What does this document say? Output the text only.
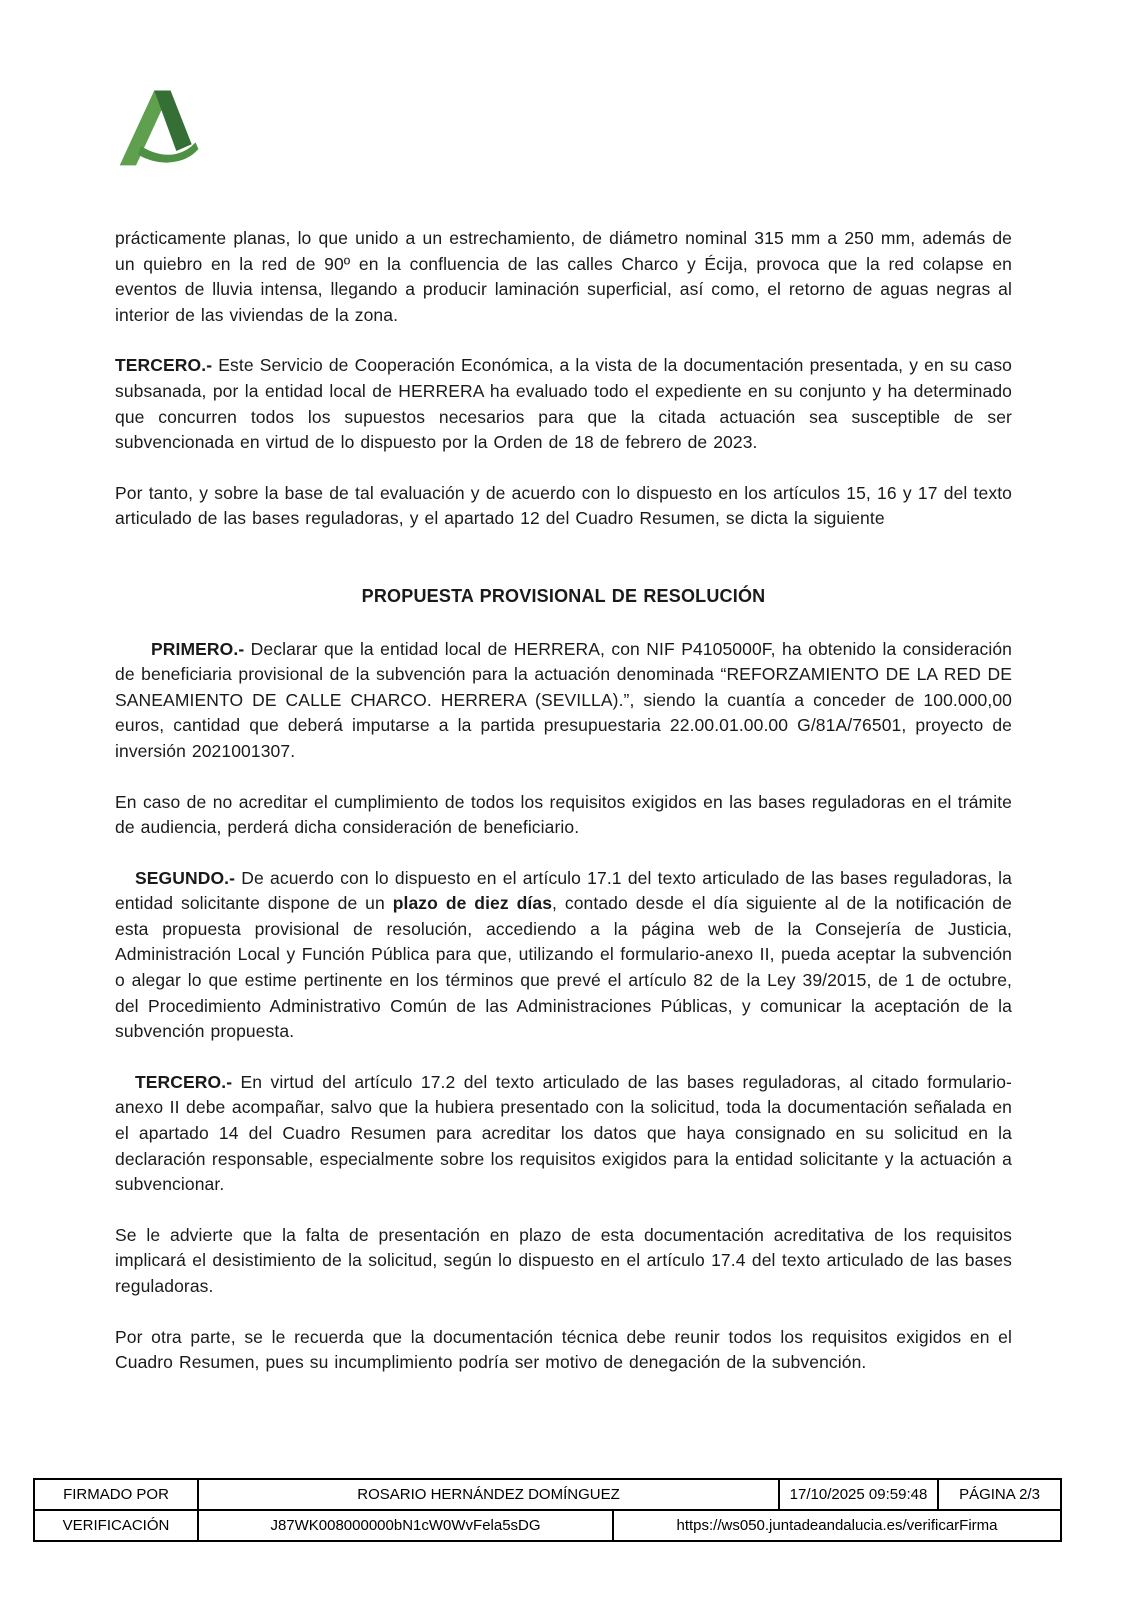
prácticamente planas, lo que unido a un estrechamiento, de diámetro nominal 315 mm a 250 mm, además de un quiebro en la red de 90º en la confluencia de las calles Charco y Écija, provoca que la red colapse en eventos de lluvia intensa, llegando a producir laminación superficial, así como, el retorno de aguas negras al interior de las viviendas de la zona.

TERCERO.- Este Servicio de Cooperación Económica, a la vista de la documentación presentada, y en su caso subsanada, por la entidad local de HERRERA ha evaluado todo el expediente en su conjunto y ha determinado que concurren todos los supuestos necesarios para que la citada actuación sea susceptible de ser subvencionada en virtud de lo dispuesto por la Orden de 18 de febrero de 2023.

Por tanto, y sobre la base de tal evaluación y de acuerdo con lo dispuesto en los artículos 15, 16 y 17 del texto articulado de las bases reguladoras, y el apartado 12 del Cuadro Resumen, se dicta la siguiente

PROPUESTA PROVISIONAL DE RESOLUCIÓN

PRIMERO.- Declarar que la entidad local de HERRERA, con NIF P4105000F, ha obtenido la consideración de beneficiaria provisional de la subvención para la actuación denominada “REFORZAMIENTO DE LA RED DE SANEAMIENTO DE CALLE CHARCO. HERRERA (SEVILLA).”, siendo la cuantía a conceder de 100.000,00 euros, cantidad que deberá imputarse a la partida presupuestaria 22.00.01.00.00 G/81A/76501, proyecto de inversión 2021001307.

En caso de no acreditar el cumplimiento de todos los requisitos exigidos en las bases reguladoras en el trámite de audiencia, perderá dicha consideración de beneficiario.

SEGUNDO.- De acuerdo con lo dispuesto en el artículo 17.1 del texto articulado de las bases reguladoras, la entidad solicitante dispone de un plazo de diez días, contado desde el día siguiente al de la notificación de esta propuesta provisional de resolución, accediendo a la página web de la Consejería de Justicia, Administración Local y Función Pública para que, utilizando el formulario-anexo II, pueda aceptar la subvención o alegar lo que estime pertinente en los términos que prevé el artículo 82 de la Ley 39/2015, de 1 de octubre, del Procedimiento Administrativo Común de las Administraciones Públicas, y comunicar la aceptación de la subvención propuesta.

TERCERO.- En virtud del artículo 17.2 del texto articulado de las bases reguladoras, al citado formulario-anexo II debe acompañar, salvo que la hubiera presentado con la solicitud, toda la documentación señalada en el apartado 14 del Cuadro Resumen para acreditar los datos que haya consignado en su solicitud en la declaración responsable, especialmente sobre los requisitos exigidos para la entidad solicitante y la actuación a subvencionar.

Se le advierte que la falta de presentación en plazo de esta documentación acreditativa de los requisitos implicará el desistimiento de la solicitud, según lo dispuesto en el artículo 17.4 del texto articulado de las bases reguladoras.

Por otra parte, se le recuerda que la documentación técnica debe reunir todos los requisitos exigidos en el Cuadro Resumen, pues su incumplimiento podría ser motivo de denegación de la subvención.

FIRMADO POR	ROSARIO HERNÁNDEZ DOMÍNGUEZ	17/10/2025 09:59:48	PÁGINA 2/3
VERIFICACIÓN	J87WK008000000bN1cW0WvFela5sDG	https://ws050.juntadeandalucia.es/verificarFirma
